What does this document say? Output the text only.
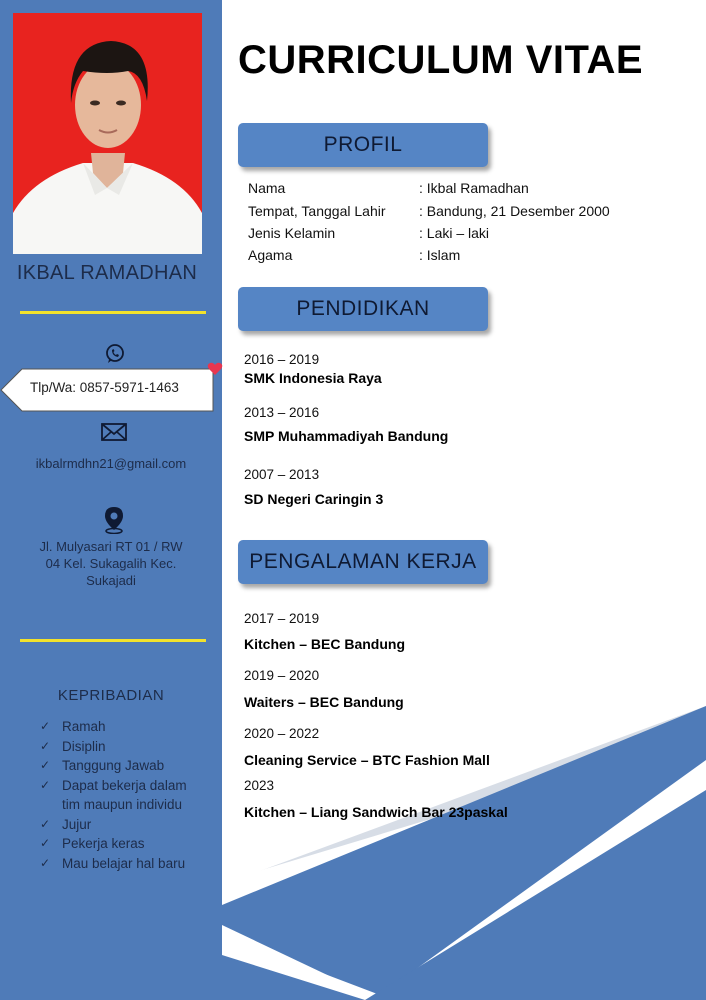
IKBAL RAMADHAN
ikbalrmdhn21@gmail.com
Jl. Mulyasari RT 01 / RW
04 Kel. Sukagalih Kec.
Sukajadi
KEPRIBADIAN
✓ Ramah
✓ Disiplin
✓ Tanggung Jawab
✓ Dapat bekerja dalam
tim maupun individu
✓ Jujur
✓ Pekerja keras
✓ Mau belajar hal baru
Tlp/Wa: 0857-5971-1463
CURRICULUM VITAE
PROFIL
Nama	: Ikbal Ramadhan
Tempat, Tanggal Lahir : Bandung, 21 Desember 2000
Jenis Kelamin	: Laki – laki
Agama	: Islam
PENDIDIKAN
2016 – 2019
SMK Indonesia Raya
2013 – 2016
SMP Muhammadiyah Bandung
2007 – 2013
SD Negeri Caringin 3
PENGALAMAN KERJA
2017 – 2019
Kitchen – BEC Bandung
2019 – 2020
Waiters – BEC Bandung
2020 – 2022
Cleaning Service – BTC Fashion Mall
2023
Kitchen – Liang Sandwich Bar 23paskal
